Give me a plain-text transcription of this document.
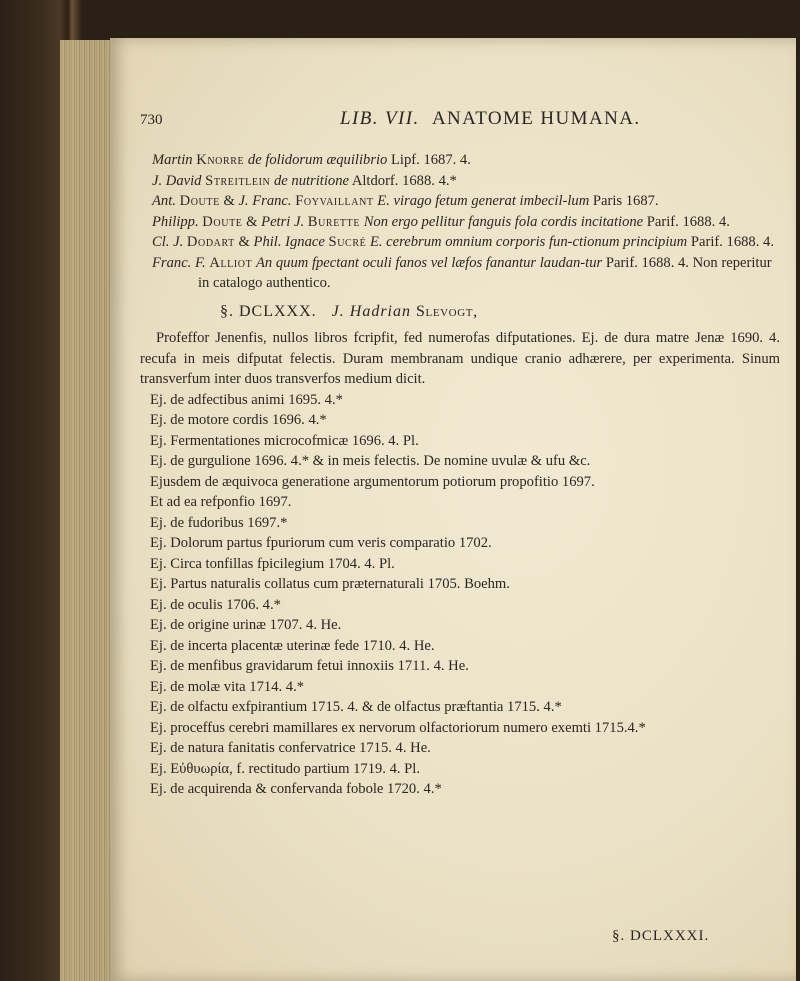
730	LIB. VII. ANATOME HUMANA.

Martin Knorre de folidorum æquilibrio Lipf. 1687. 4.

J. David Streitlein de nutritione Altdorf. 1688. 4.*

Ant. Doute & J. Franc. Foyvaillant E. virago fetum generat imbecil-lum Paris 1687.

Philipp. Doute & Petri J. Burette Non ergo pellitur fanguis fola cordis incitatione Parif. 1688. 4.

Cl. J. Dodart & Phil. Ignace Sucré E. cerebrum omnium corporis fun-ctionum principium Parif. 1688. 4.

Franc. F. Alliot An quum fpectant oculi fanos vel læfos fanantur laudan-tur Parif. 1688. 4. Non reperitur in catalogo authentico.

§. DCLXXX. J. Hadrian Slevogt,

Profeffor Jenenfis, nullos libros fcripfit, fed numerofas difputationes. Ej. de dura matre Jenæ 1690. 4. recufa in meis difputat felectis. Duram membranam undique cranio adhærere, per experimenta. Sinum transverfum inter duos transverfos medium dicit.

Ej. de adfectibus animi 1695. 4.*

Ej. de motore cordis 1696. 4.*

Ej. Fermentationes microcofmicæ 1696. 4. Pl.

Ej. de gurgulione 1696. 4.* & in meis felectis. De nomine uvulæ & ufu &c.

Ejusdem de æquivoca generatione argumentorum potiorum propofitio 1697.

Et ad ea refponfio 1697.

Ej. de fudoribus 1697.*

Ej. Dolorum partus fpuriorum cum veris comparatio 1702.

Ej. Circa tonfillas fpicilegium 1704. 4. Pl.

Ej. Partus naturalis collatus cum præternaturali 1705. Boehm.

Ej. de oculis 1706. 4.*

Ej. de origine urinæ 1707. 4. He.

Ej. de incerta placentæ uterinæ fede 1710. 4. He.

Ej. de menfibus gravidarum fetui innoxiis 1711. 4. He.

Ej. de molæ vita 1714. 4.*

Ej. de olfactu exfpirantium 1715. 4. & de olfactus præftantia 1715. 4.*

Ej. proceffus cerebri mamillares ex nervorum olfactoriorum numero exemti 1715.4.*

Ej. de natura fanitatis confervatrice 1715. 4. He.

Ej. Εὐθυωρία, f. rectitudo partium 1719. 4. Pl.

Ej. de acquirenda & confervanda fobole 1720. 4.*

§. DCLXXXI.
